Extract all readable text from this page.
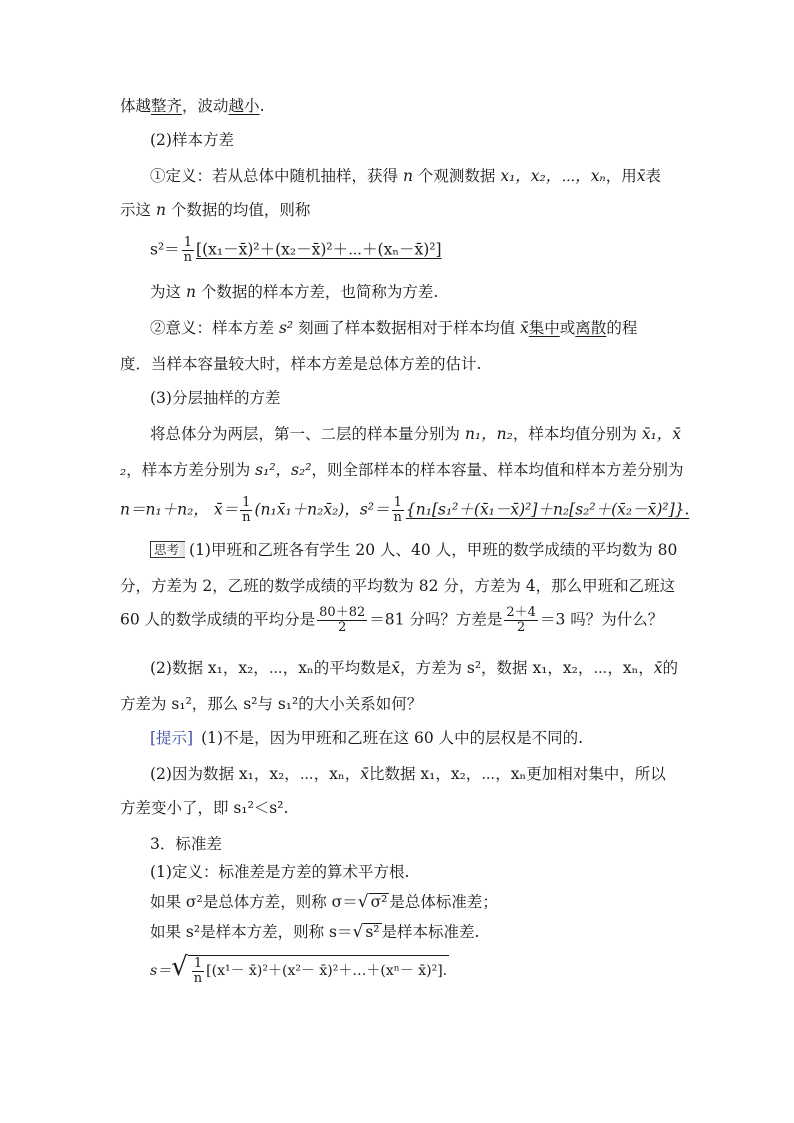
体越整齐，波动越小.
(2)样本方差
①定义：若从总体中随机抽样，获得 n 个观测数据 x₁，x₂，⋯，xₙ，用x̄表
示这 n 个数据的均值，则称
$s^2= \frac{1}{n}$ [(x₁－x̄)²＋(x₂－x̄)²＋⋯＋(xₙ－x̄)²]
为这 n 个数据的样本方差，也简称为方差.
②意义：样本方差 s² 刻画了样本数据相对于样本均值 x̄集中或离散的程
度．当样本容量较大时，样本方差是总体方差的估计.
(3)分层抽样的方差
将总体分为两层，第一、二层的样本量分别为 n₁，n₂，样本均值分别为 x̄₁，x̄
₂，样本方差分别为 s₁²，s₂²，则全部样本的样本容量、样本均值和样本方差分别为
n＝n₁＋n₂， x̄＝ $\frac{1}{n}$ (n₁x̄₁＋n₂x̄₂)，$s^2= \frac{1}{n}$ {n₁[s₁²＋(x̄₁－x̄)²]＋n₂[s₂²＋(x̄₂－x̄)²]}.
思考 (1)甲班和乙班各有学生 20 人、40 人，甲班的数学成绩的平均数为 80
分，方差为 2，乙班的数学成绩的平均数为 82 分，方差为 4，那么甲班和乙班这
60 人的数学成绩的平均分是 $\frac{80+82}{2} =81$ 分吗？方差是 $\frac{2+4}{2} =3$ 吗？为什么？
(2)数据 x₁，x₂，⋯，xₙ的平均数是x̄，方差为 s²，数据 x₁，x₂，⋯，xₙ，x̄的
方差为 s₁²，那么 s²与 s₁²的大小关系如何？
[提示] (1)不是，因为甲班和乙班在这 60 人中的层权是不同的.
(2)因为数据 x₁，x₂，⋯，xₙ，x̄比数据 x₁，x₂，⋯，xₙ更加相对集中，所以
方差变小了，即 s₁²＜s².
3．标准差
(1)定义：标准差是方差的算术平方根.
如果 σ²是总体方差，则称 σ＝√ σ² 是总体标准差；
如果 s²是样本方差，则称 s＝√ s² 是样本标准差.
$s=√ \frac{1}{n} [(x^1-$ x̄)²＋(x²－ x̄)²＋…＋(xⁿ－ x̄)²].
